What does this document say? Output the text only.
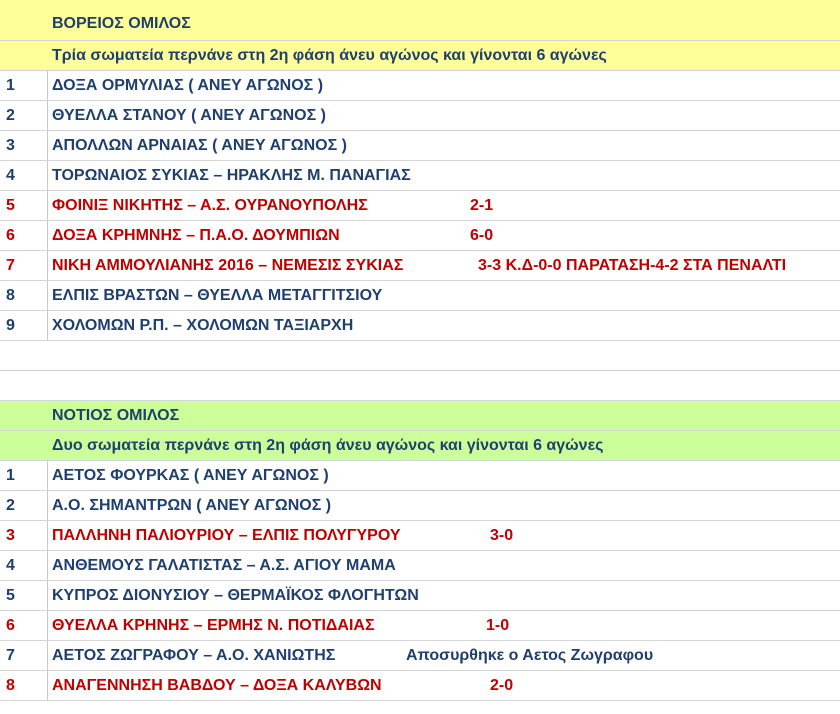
ΒΟΡΕΙΟΣ ΟΜΙΛΟΣ
Τρία σωματεία περνάνε στη 2η φάση άνευ αγώνος και γίνονται 6 αγώνες
1	ΔΟΞΑ ΟΡΜΥΛΙΑΣ ( ΑΝΕΥ ΑΓΩΝΟΣ )
2	ΘΥΕΛΛΑ ΣΤΑΝΟΥ ( ΑΝΕΥ ΑΓΩΝΟΣ )
3	ΑΠΟΛΛΩΝ ΑΡΝΑΙΑΣ ( ΑΝΕΥ ΑΓΩΝΟΣ )
4	ΤΟΡΩΝΑΙΟΣ ΣΥΚΙΑΣ – ΗΡΑΚΛΗΣ Μ. ΠΑΝΑΓΙΑΣ
5	ΦΟΙΝΙΞ ΝΙΚΗΤΗΣ – Α.Σ. ΟΥΡΑΝΟΥΠΟΛΗΣ	2-1
6	ΔΟΞΑ ΚΡΗΜΝΗΣ – Π.Α.Ο. ΔΟΥΜΠΙΩΝ	6-0
7	ΝΙΚΗ ΑΜΜΟΥΛΙΑΝΗΣ 2016 – ΝΕΜΕΣΙΣ ΣΥΚΙΑΣ	3-3 Κ.Δ-0-0 ΠΑΡΑΤΑΣΗ-4-2 ΣΤΑ ΠΕΝΑΛΤΙ
8	ΕΛΠΙΣ ΒΡΑΣΤΩΝ – ΘΥΕΛΛΑ ΜΕΤΑΓΓΙΤΣΙΟΥ
9	ΧΟΛΟΜΩΝ Ρ.Π. – ΧΟΛΟΜΩΝ ΤΑΞΙΑΡΧΗ
ΝΟΤΙΟΣ ΟΜΙΛΟΣ
Δυο σωματεία περνάνε στη 2η φάση άνευ αγώνος και γίνονται 6 αγώνες
1	ΑΕΤΟΣ ΦΟΥΡΚΑΣ ( ΑΝΕΥ ΑΓΩΝΟΣ )
2	Α.Ο. ΣΗΜΑΝΤΡΩΝ ( ΑΝΕΥ ΑΓΩΝΟΣ )
3	ΠΑΛΛΗΝΗ ΠΑΛΙΟΥΡΙΟΥ – ΕΛΠΙΣ ΠΟΛΥΓΥΡΟΥ	3-0
4	ΑΝΘΕΜΟΥΣ ΓΑΛΑΤΙΣΤΑΣ – Α.Σ. ΑΓΙΟΥ ΜΑΜΑ
5	ΚΥΠΡΟΣ ΔΙΟΝΥΣΙΟΥ – ΘΕΡΜΑΪΚΟΣ ΦΛΟΓΗΤΩΝ
6	ΘΥΕΛΛΑ ΚΡΗΝΗΣ – ΕΡΜΗΣ Ν. ΠΟΤΙΔΑΙΑΣ	1-0
7	ΑΕΤΟΣ ΖΩΓΡΑΦΟΥ – Α.Ο. ΧΑΝΙΩΤΗΣ	Αποσυρθηκε ο Αετος Ζωγραφου
8	ΑΝΑΓΕΝΝΗΣΗ ΒΑΒΔΟΥ – ΔΟΞΑ ΚΑΛΥΒΩΝ	2-0
